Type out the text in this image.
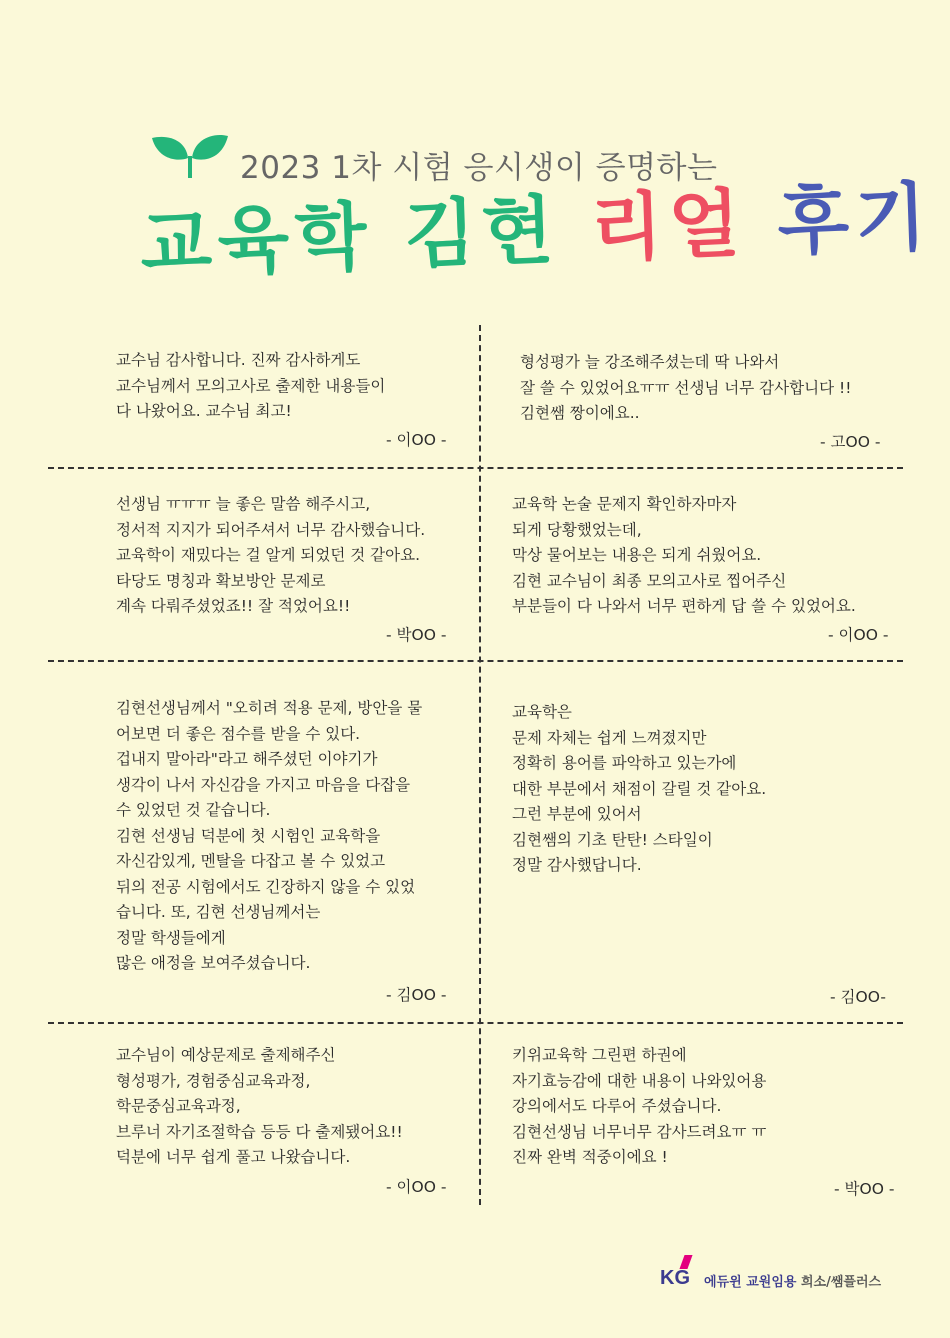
2023 1차 시험 응시생이 증명하는
교육학 김현 리얼 후기
교수님 감사합니다. 진짜 감사하게도
교수님께서 모의고사로 출제한 내용들이
다 나왔어요. 교수님 최고!
- 이OO -
형성평가 늘 강조해주셨는데 딱 나와서
잘 쓸 수 있었어요ㅠㅠ 선생님 너무 감사합니다 !!
김현쌤 짱이에요..
- 고OO -
선생님 ㅠㅠㅠ 늘 좋은 말씀 해주시고,
정서적 지지가 되어주셔서 너무 감사했습니다.
교육학이 재밌다는 걸 알게 되었던 것 같아요.
타당도 명칭과 확보방안 문제로
계속 다뤄주셨었죠!! 잘 적었어요!!
- 박OO -
교육학 논술 문제지 확인하자마자
되게 당황했었는데,
막상 물어보는 내용은 되게 쉬웠어요.
김현 교수님이 최종 모의고사로 찝어주신
부분들이 다 나와서 너무 편하게 답 쓸 수 있었어요.
- 이OO -
김현선생님께서 "오히려 적용 문제, 방안을 물
어보면 더 좋은 점수를 받을 수 있다.
겁내지 말아라"라고 해주셨던 이야기가
생각이 나서 자신감을 가지고 마음을 다잡을
수 있었던 것 같습니다.
김현 선생님 덕분에 첫 시험인 교육학을
자신감있게, 멘탈을 다잡고 볼 수 있었고
뒤의 전공 시험에서도 긴장하지 않을 수 있었
습니다. 또, 김현 선생님께서는
정말 학생들에게
많은 애정을 보여주셨습니다.
- 김OO -
교육학은
문제 자체는 쉽게 느껴졌지만
정확히 용어를 파악하고 있는가에
대한 부분에서 채점이 갈릴 것 같아요.
그런 부분에 있어서
김현쌤의 기초 탄탄! 스타일이
정말 감사했답니다.
- 김OO-
교수님이 예상문제로 출제해주신
형성평가, 경험중심교육과정,
학문중심교육과정,
브루너 자기조절학습 등등 다 출제됐어요!!
덕분에 너무 쉽게 풀고 나왔습니다.
- 이OO -
키위교육학 그린편 하권에
자기효능감에 대한 내용이 나와있어용
강의에서도 다루어 주셨습니다.
김현선생님 너무너무 감사드려요ㅠ ㅠ
진짜 완벽 적중이에요 !
- 박OO -
KG 에듀윈 교원임용 희소/쌤플러스
